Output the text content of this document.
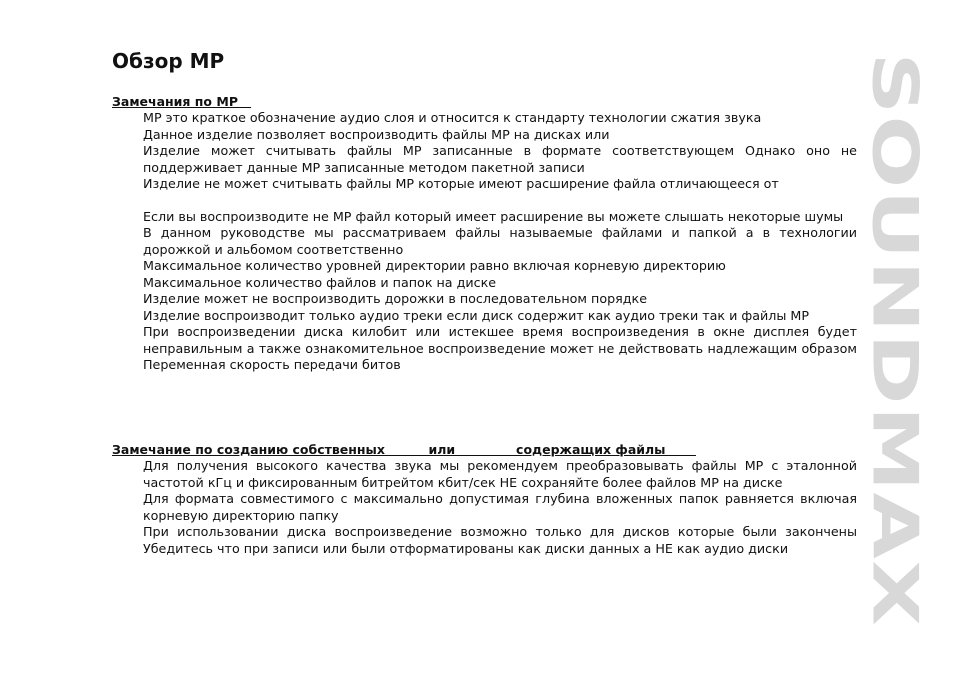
Обзор MP
Замечания по MP
MP это краткое обозначение аудио слоя и относится к стандарту технологии сжатия звука
Данное изделие позволяет воспроизводить файлы MP на дисках или
Изделие может считывать файлы MP записанные в формате соответствующем Однако оно не поддерживает данные MP записанные методом пакетной записи
Изделие не может считывать файлы MP которые имеют расширение файла отличающееся от
Если вы воспроизводите не MP файл который имеет расширение вы можете слышать некоторые шумы
В данном руководстве мы рассматриваем файлы называемые файлами и папкой а в технологии дорожкой и альбомом соответственно
Максимальное количество уровней директории равно включая корневую директорию
Максимальное количество файлов и папок на диске
Изделие может не воспроизводить дорожки в последовательном порядке
Изделие воспроизводит только аудио треки если диск содержит как аудио треки так и файлы MP
При воспроизведении диска килобит или истекшее время воспроизведения в окне дисплея будет неправильным а также ознакомительное воспроизведение может не действовать надлежащим образом Переменная скорость передачи битов
Замечание по созданию собственных          или              содержащих файлы
Для получения высокого качества звука мы рекомендуем преобразовывать файлы MP с эталонной частотой кГц и фиксированным битрейтом кбит/сек НЕ сохраняйте более файлов MP на диске
Для формата совместимого с максимально допустимая глубина вложенных папок равняется включая корневую директорию папку
При использовании диска воспроизведение возможно только для дисков которые были закончены Убедитесь что при записи или были отформатированы как диски данных а НЕ как аудио диски
SOUNDMAX
